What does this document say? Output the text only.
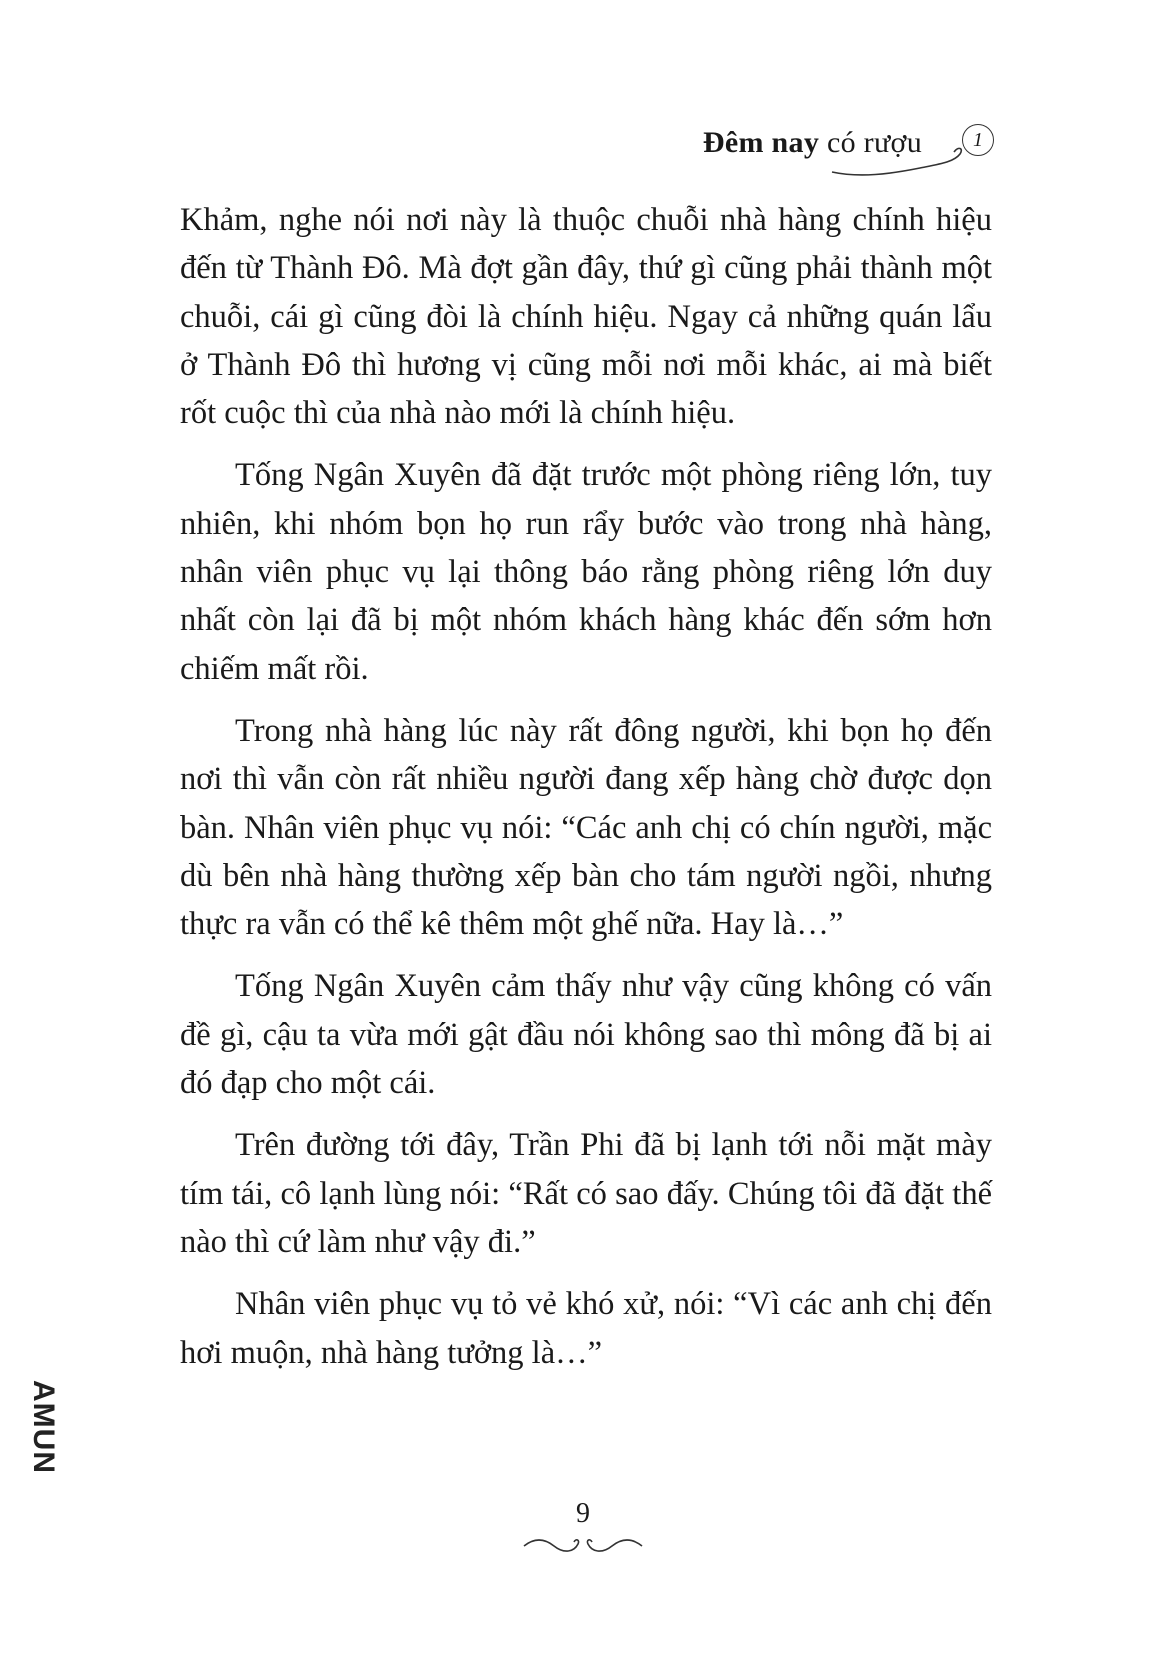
Đêm nay có rượu	1

Khảm, nghe nói nơi này là thuộc chuỗi nhà hàng chính hiệu đến từ Thành Đô. Mà đợt gần đây, thứ gì cũng phải thành một chuỗi, cái gì cũng đòi là chính hiệu. Ngay cả những quán lẩu ở Thành Đô thì hương vị cũng mỗi nơi mỗi khác, ai mà biết rốt cuộc thì của nhà nào mới là chính hiệu.

Tống Ngân Xuyên đã đặt trước một phòng riêng lớn, tuy nhiên, khi nhóm bọn họ run rẩy bước vào trong nhà hàng, nhân viên phục vụ lại thông báo rằng phòng riêng lớn duy nhất còn lại đã bị một nhóm khách hàng khác đến sớm hơn chiếm mất rồi.

Trong nhà hàng lúc này rất đông người, khi bọn họ đến nơi thì vẫn còn rất nhiều người đang xếp hàng chờ được dọn bàn. Nhân viên phục vụ nói: “Các anh chị có chín người, mặc dù bên nhà hàng thường xếp bàn cho tám người ngồi, nhưng thực ra vẫn có thể kê thêm một ghế nữa. Hay là…”

Tống Ngân Xuyên cảm thấy như vậy cũng không có vấn đề gì, cậu ta vừa mới gật đầu nói không sao thì mông đã bị ai đó đạp cho một cái.

Trên đường tới đây, Trần Phi đã bị lạnh tới nỗi mặt mày tím tái, cô lạnh lùng nói: “Rất có sao đấy. Chúng tôi đã đặt thế nào thì cứ làm như vậy đi.”

Nhân viên phục vụ tỏ vẻ khó xử, nói: “Vì các anh chị đến hơi muộn, nhà hàng tưởng là…”

AMUN
9
